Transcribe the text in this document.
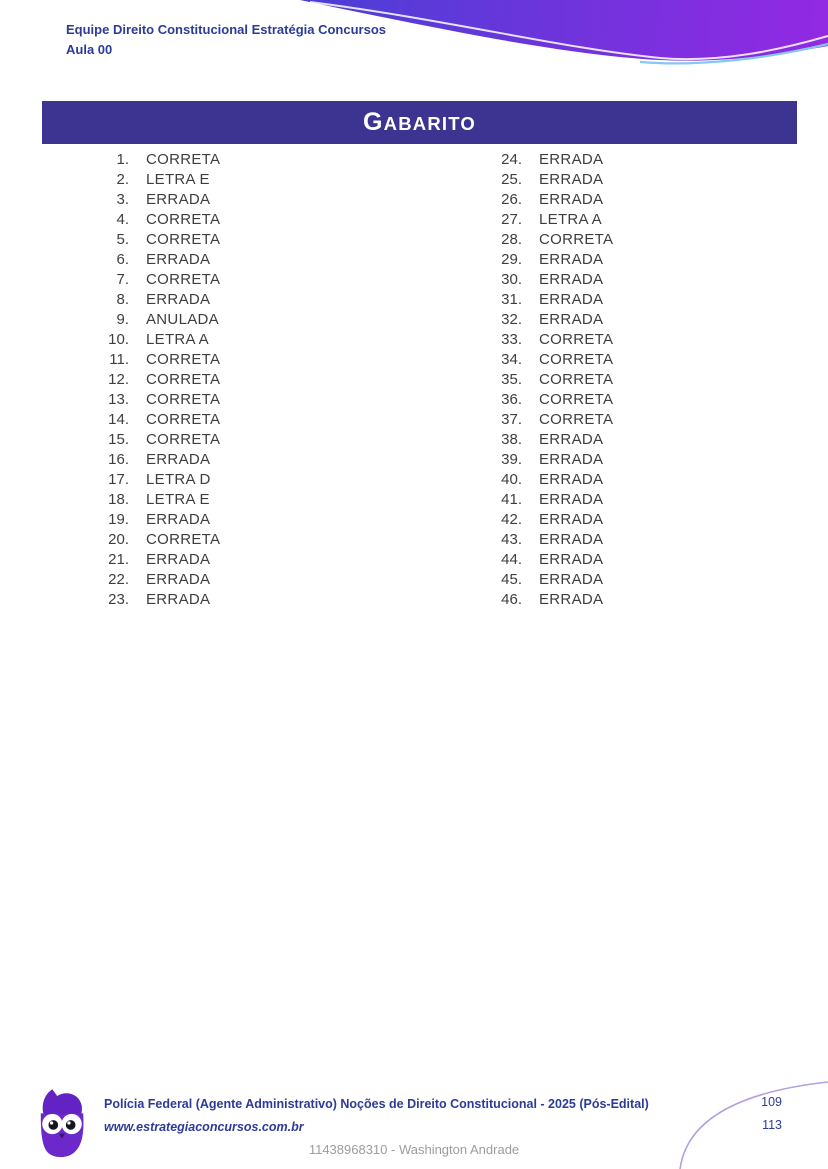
Equipe Direito Constitucional Estratégia Concursos
Aula 00
GABARITO
1. CORRETA
2. LETRA E
3. ERRADA
4. CORRETA
5. CORRETA
6. ERRADA
7. CORRETA
8. ERRADA
9. ANULADA
10. LETRA A
11. CORRETA
12. CORRETA
13. CORRETA
14. CORRETA
15. CORRETA
16. ERRADA
17. LETRA D
18. LETRA E
19. ERRADA
20. CORRETA
21. ERRADA
22. ERRADA
23. ERRADA
24. ERRADA
25. ERRADA
26. ERRADA
27. LETRA A
28. CORRETA
29. ERRADA
30. ERRADA
31. ERRADA
32. ERRADA
33. CORRETA
34. CORRETA
35. CORRETA
36. CORRETA
37. CORRETA
38. ERRADA
39. ERRADA
40. ERRADA
41. ERRADA
42. ERRADA
43. ERRADA
44. ERRADA
45. ERRADA
46. ERRADA
Polícia Federal (Agente Administrativo) Noções de Direito Constitucional - 2025 (Pós-Edital)
www.estrategiaconcursos.com.br
109
113
11438968310 - Washington Andrade
